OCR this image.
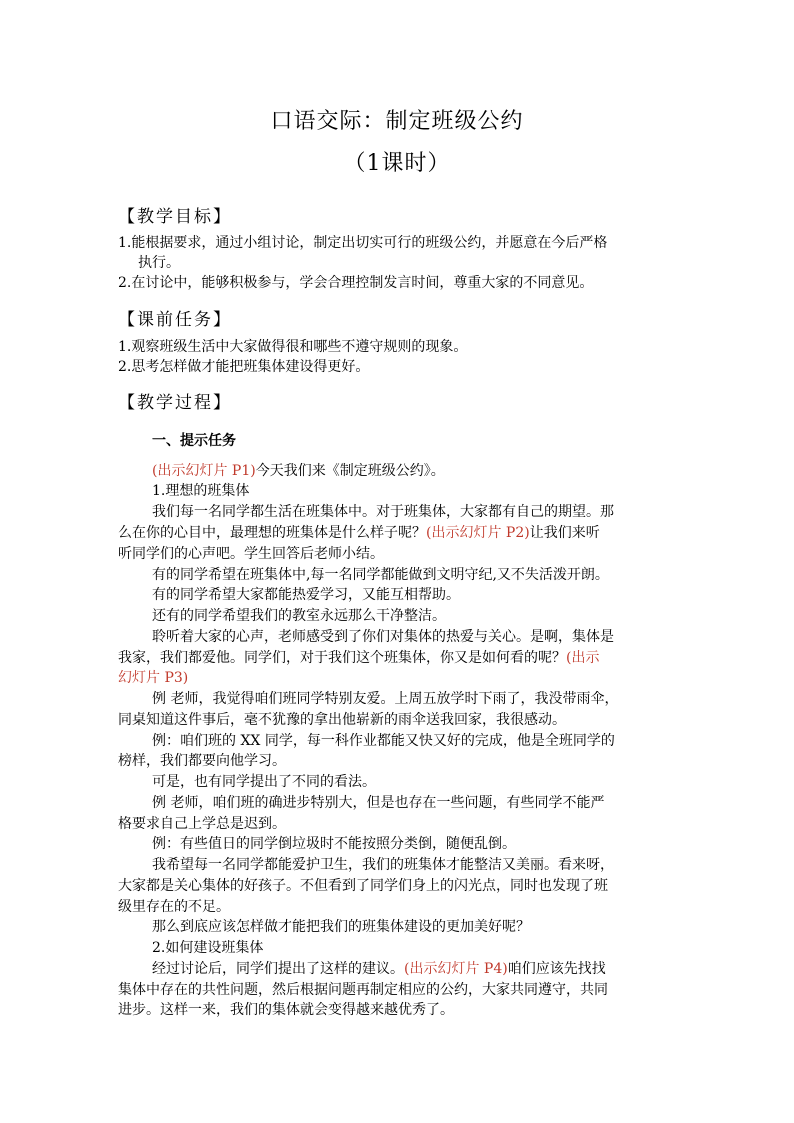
口语交际：制定班级公约
（1课时）
【教学目标】
1.能根据要求，通过小组讨论，制定出切实可行的班级公约，并愿意在今后严格
执行。
2.在讨论中，能够积极参与，学会合理控制发言时间，尊重大家的不同意见。
【课前任务】
1.观察班级生活中大家做得很和哪些不遵守规则的现象。
2.思考怎样做才能把班集体建设得更好。
【教学过程】
一、提示任务
(出示幻灯片 P1)今天我们来《制定班级公约》。
1.理想的班集体
我们每一名同学都生活在班集体中。对于班集体，大家都有自己的期望。那
么在你的心目中，最理想的班集体是什么样子呢？(出示幻灯片 P2)让我们来听
听同学们的心声吧。学生回答后老师小结。
有的同学希望在班集体中,每一名同学都能做到文明守纪,又不失活泼开朗。
有的同学希望大家都能热爱学习，又能互相帮助。
还有的同学希望我们的教室永远那么干净整洁。
聆听着大家的心声，老师感受到了你们对集体的热爱与关心。是啊，集体是
我家，我们都爱他。同学们，对于我们这个班集体，你又是如何看的呢？(出示
幻灯片 P3)
例 老师，我觉得咱们班同学特别友爱。上周五放学时下雨了，我没带雨伞，
同桌知道这件事后，毫不犹豫的拿出他崭新的雨伞送我回家，我很感动。
例：咱们班的 XX 同学，每一科作业都能又快又好的完成，他是全班同学的
榜样，我们都要向他学习。
可是，也有同学提出了不同的看法。
例 老师，咱们班的确进步特别大，但是也存在一些问题，有些同学不能严
格要求自己上学总是迟到。
例：有些值日的同学倒垃圾时不能按照分类倒，随便乱倒。
我希望每一名同学都能爱护卫生，我们的班集体才能整洁又美丽。看来呀，
大家都是关心集体的好孩子。不但看到了同学们身上的闪光点，同时也发现了班
级里存在的不足。
那么到底应该怎样做才能把我们的班集体建设的更加美好呢？
2.如何建设班集体
经过讨论后，同学们提出了这样的建议。(出示幻灯片 P4)咱们应该先找找
集体中存在的共性问题，然后根据问题再制定相应的公约，大家共同遵守，共同
进步。这样一来，我们的集体就会变得越来越优秀了。
